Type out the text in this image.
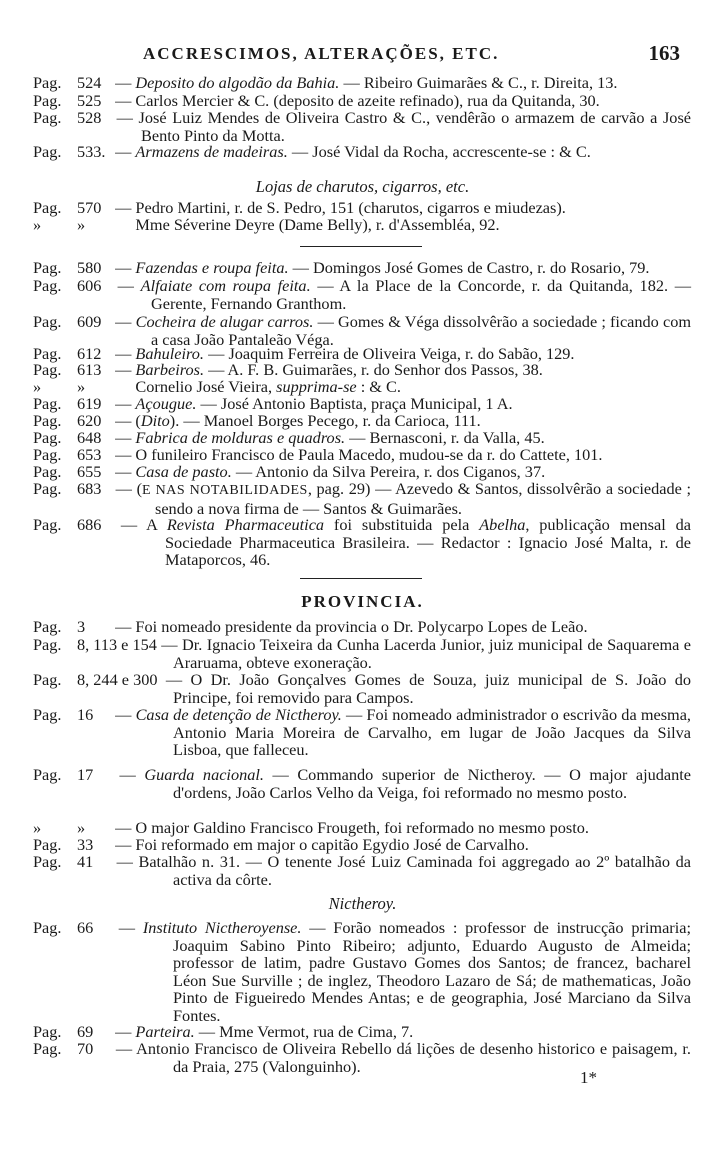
ACCRESCIMOS, ALTERAÇÕES, ETC.	163
Pag. 524 — Deposito do algodão da Bahia. — Ribeiro Guimarães & C., r. Direita, 13.
Pag. 525 — Carlos Mercier & C. (deposito de azeite refinado), rua da Quitanda, 30.
Pag. 528 — José Luiz Mendes de Oliveira Castro & C., vendêrão o armazem de carvão a José Bento Pinto da Motta.
Pag. 533. — Armazens de madeiras. — José Vidal da Rocha, accrescente-se : & C.
Lojas de charutos, cigarros, etc.
Pag. 570 — Pedro Martini, r. de S. Pedro, 151 (charutos, cigarros e miudezas).
» »	Mme Séverine Deyre (Dame Belly), r. d'Assembléa, 92.
Pag. 580 — Fazendas e roupa feita. — Domingos José Gomes de Castro, r. do Rosario, 79.
Pag. 606 — Alfaiate com roupa feita. — A la Place de la Concorde, r. da Quitanda, 182. — Gerente, Fernando Granthom.
Pag. 609 — Cocheira de alugar carros. — Gomes & Véga dissolvêrão a sociedade ; ficando com a casa João Pantaleão Véga.
Pag. 612 — Bahuleiro. — Joaquim Ferreira de Oliveira Veiga, r. do Sabão, 129.
Pag. 613 — Barbeiros. — A. F. B. Guimarães, r. do Senhor dos Passos, 38.
» »	Cornelio José Vieira, supprima-se : & C.
Pag. 619 — Açougue. — José Antonio Baptista, praça Municipal, 1 A.
Pag. 620 — (Dito). — Manoel Borges Pecego, r. da Carioca, 111.
Pag. 648 — Fabrica de molduras e quadros. — Bernasconi, r. da Valla, 45.
Pag. 653 — O funileiro Francisco de Paula Macedo, mudou-se da r. do Cattete, 101.
Pag. 655 — Casa de pasto. — Antonio da Silva Pereira, r. dos Ciganos, 37.
Pag. 683 — (E NAS NOTABILIDADES, pag. 29) — Azevedo & Santos, dissolvêrão a sociedade ; sendo a nova firma de — Santos & Guimarães.
Pag. 686 — A Revista Pharmaceutica foi substituida pela Abelha, publicação mensal da Sociedade Pharmaceutica Brasileira. — Redactor : Ignacio José Malta, r. de Mataporcos, 46.
PROVINCIA.
Pag. 3 — Foi nomeado presidente da provincia o Dr. Polycarpo Lopes de Leão.
Pag. 8, 113 e 154 — Dr. Ignacio Teixeira da Cunha Lacerda Junior, juiz municipal de Saquarema e Araruama, obteve exoneração.
Pag. 8, 244 e 300 — O Dr. João Gonçalves Gomes de Souza, juiz municipal de S. João do Principe, foi removido para Campos.
Pag. 16 — Casa de detenção de Nictheroy. — Foi nomeado administrador o escrivão da mesma, Antonio Maria Moreira de Carvalho, em lugar de João Jacques da Silva Lisboa, que falleceu.
Pag. 17 — Guarda nacional. — Commando superior de Nictheroy. — O major ajudante d'ordens, João Carlos Velho da Veiga, foi reformado no mesmo posto.
» » — O major Galdino Francisco Frougeth, foi reformado no mesmo posto.
Pag. 33 — Foi reformado em major o capitão Egydio José de Carvalho.
Pag. 41 — Batalhão n. 31. — O tenente José Luiz Caminada foi aggregado ao 2º batalhão da activa da côrte.
Nictheroy.
Pag. 66 — Instituto Nictheroyense. — Forão nomeados : professor de instrucção primaria; Joaquim Sabino Pinto Ribeiro; adjunto, Eduardo Augusto de Almeida; professor de latim, padre Gustavo Gomes dos Santos; de francez, bacharel Léon Sue Surville ; de inglez, Theodoro Lazaro de Sá; de mathematicas, João Pinto de Figueiredo Mendes Antas; e de geographia, José Marciano da Silva Fontes.
Pag. 69 — Parteira. — Mme Vermot, rua de Cima, 7.
Pag. 70 — Antonio Francisco de Oliveira Rebello dá lições de desenho historico e paisagem, r. da Praia, 275 (Valonguinho).
1*
